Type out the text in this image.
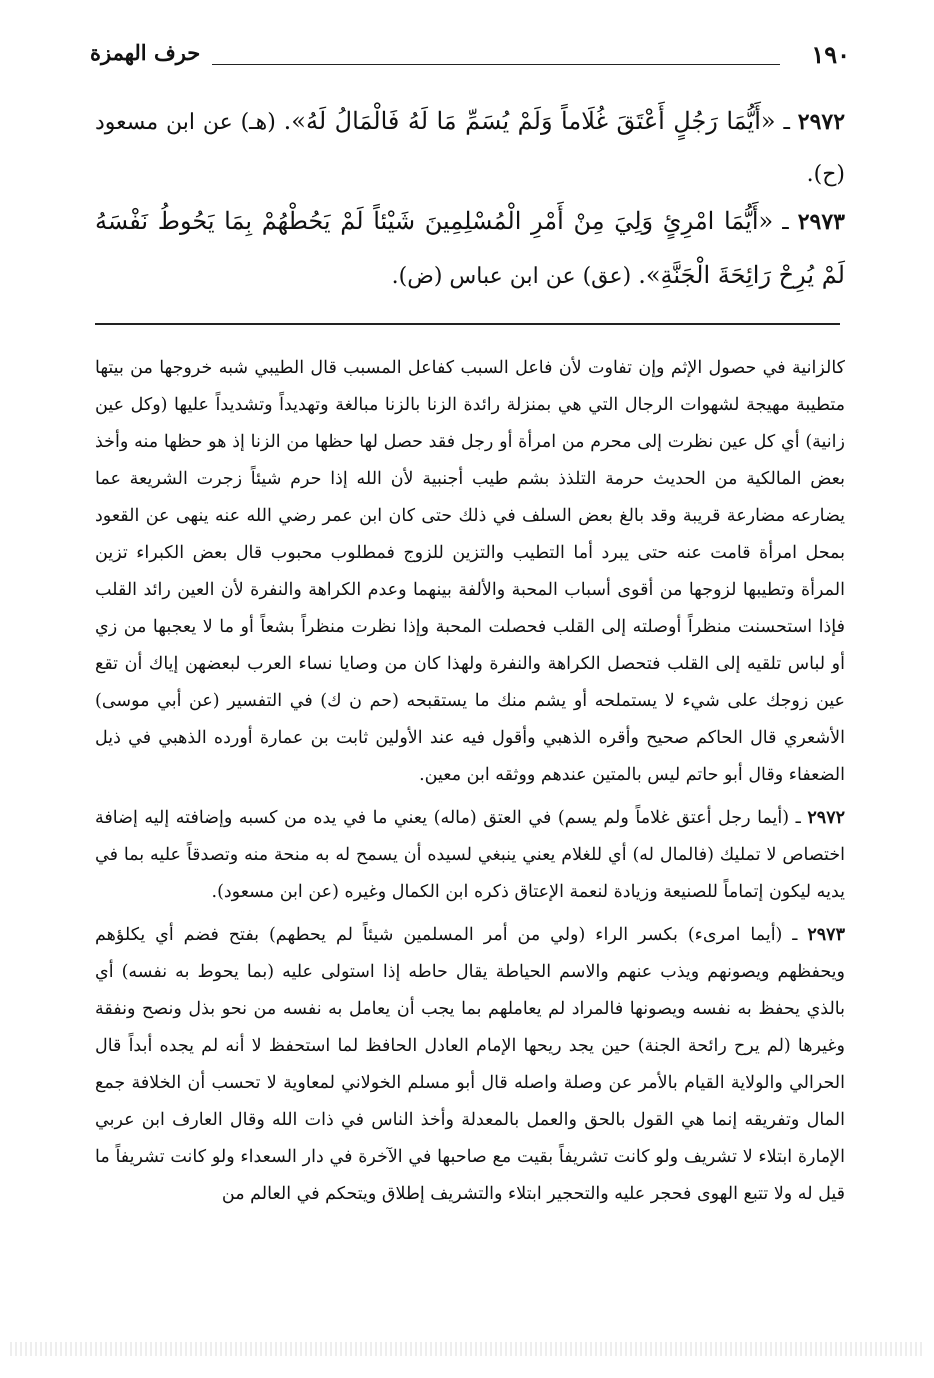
١٩٠
حرف الهمزة
٢٩٧٢ ـ «أَيُّمَا رَجُلٍ أَعْتَقَ غُلَاماً وَلَمْ يُسَمِّ مَا لَهُ فَالْمَالُ لَهُ». (هـ) عن ابن مسعود (ح).
٢٩٧٣ ـ «أَيُّمَا امْرِئٍ وَلِيَ مِنْ أَمْرِ الْمُسْلِمِينَ شَيْئاً لَمْ يَحُطْهُمْ بِمَا يَحُوطُ نَفْسَهُ لَمْ يُرِحْ رَائِحَةَ الْجَنَّةِ». (عق) عن ابن عباس (ض).

كالزانية في حصول الإثم وإن تفاوت لأن فاعل السبب كفاعل المسبب قال الطيبي شبه خروجها من بيتها متطيبة مهيجة لشهوات الرجال التي هي بمنزلة رائدة الزنا بالزنا مبالغة وتهديداً وتشديداً عليها (وكل عين زانية) أي كل عين نظرت إلى محرم من امرأة أو رجل فقد حصل لها حظها من الزنا إذ هو حظها منه وأخذ بعض المالكية من الحديث حرمة التلذذ بشم طيب أجنبية لأن الله إذا حرم شيئاً زجرت الشريعة عما يضارعه مضارعة قريبة وقد بالغ بعض السلف في ذلك حتى كان ابن عمر رضي الله عنه ينهى عن القعود بمحل امرأة قامت عنه حتى يبرد أما التطيب والتزين للزوج فمطلوب محبوب قال بعض الكبراء تزين المرأة وتطيبها لزوجها من أقوى أسباب المحبة والألفة بينهما وعدم الكراهة والنفرة لأن العين رائد القلب فإذا استحسنت منظراً أوصلته إلى القلب فحصلت المحبة وإذا نظرت منظراً بشعاً أو ما لا يعجبها من زي أو لباس تلقيه إلى القلب فتحصل الكراهة والنفرة ولهذا كان من وصايا نساء العرب لبعضهن إياك أن تقع عين زوجك على شيء لا يستملحه أو يشم منك ما يستقبحه (حم ن ك) في التفسير (عن أبي موسى) الأشعري قال الحاكم صحيح وأقره الذهبي وأقول فيه عند الأولين ثابت بن عمارة أورده الذهبي في ذيل الضعفاء وقال أبو حاتم ليس بالمتين عندهم ووثقه ابن معين.

٢٩٧٢ ـ (أيما رجل أعتق غلاماً ولم يسم) في العتق (ماله) يعني ما في يده من كسبه وإضافته إليه إضافة اختصاص لا تمليك (فالمال له) أي للغلام يعني ينبغي لسيده أن يسمح له به منحة منه وتصدقاً عليه بما في يديه ليكون إتماماً للصنيعة وزيادة لنعمة الإعتاق ذكره ابن الكمال وغيره (عن ابن مسعود).

٢٩٧٣ ـ (أيما امرىء) بكسر الراء (ولي من أمر المسلمين شيئاً لم يحطهم) بفتح فضم أي يكلؤهم ويحفظهم ويصونهم ويذب عنهم والاسم الحياطة يقال حاطه إذا استولى عليه (بما يحوط به نفسه) أي بالذي يحفظ به نفسه ويصونها فالمراد لم يعاملهم بما يجب أن يعامل به نفسه من نحو بذل ونصح ونفقة وغيرها (لم يرح رائحة الجنة) حين يجد ريحها الإمام العادل الحافظ لما استحفظ لا أنه لم يجده أبداً قال الحرالي والولاية القيام بالأمر عن وصلة واصله قال أبو مسلم الخولاني لمعاوية لا تحسب أن الخلافة جمع المال وتفريقه إنما هي القول بالحق والعمل بالمعدلة وأخذ الناس في ذات الله وقال العارف ابن عربي الإمارة ابتلاء لا تشريف ولو كانت تشريفاً بقيت مع صاحبها في الآخرة في دار السعداء ولو كانت تشريفاً ما قيل له ولا تتبع الهوى فحجر عليه والتحجير ابتلاء والتشريف إطلاق ويتحكم في العالم من
